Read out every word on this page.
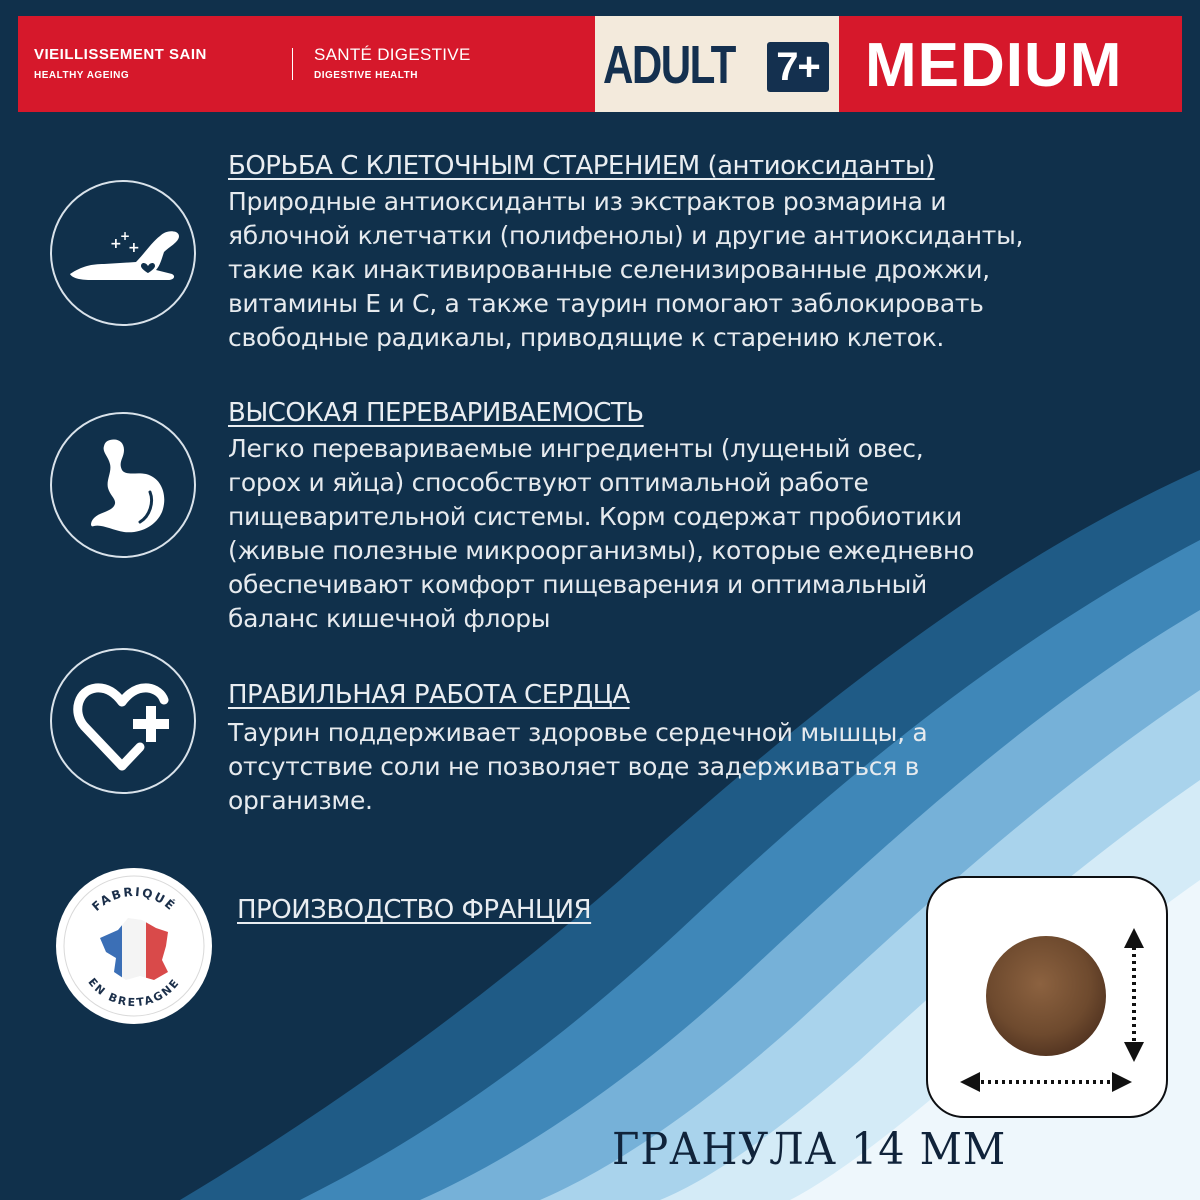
VIEILLISSEMENT SAIN
HEALTHY AGEING
SANTÉ DIGESTIVE
DIGESTIVE HEALTH	ADULT 7+ MEDIUM
+
+
+
БОРЬБА С КЛЕТОЧНЫМ СТАРЕНИЕМ (антиоксиданты)
Природные антиоксиданты из экстрактов розмарина и
яблочной клетчатки (полифенолы) и другие антиоксиданты,
такие как инактивированные селенизированные дрожжи,
витамины Е и С, а также таурин помогают заблокировать
свободные радикалы, приводящие к старению клеток.
ВЫСОКАЯ ПЕРЕВАРИВАЕМОСТЬ
Легко перевариваемые ингредиенты (лущеный овес,
горох и яйца) способствуют оптимальной работе
пищеварительной системы. Корм содержат пробиотики
(живые полезные микроорганизмы), которые ежедневно
обеспечивают комфорт пищеварения и оптимальный
баланс кишечной флоры
ПРАВИЛЬНАЯ РАБОТА СЕРДЦА
Таурин поддерживает здоровье сердечной мышцы, а
отсутствие соли не позволяет воде задерживаться в
организме.
FABRIQUÉ
EN BRETAGNE
ПРОИЗВОДСТВО ФРАНЦИЯ
ГРАНУЛА 14 ММ
